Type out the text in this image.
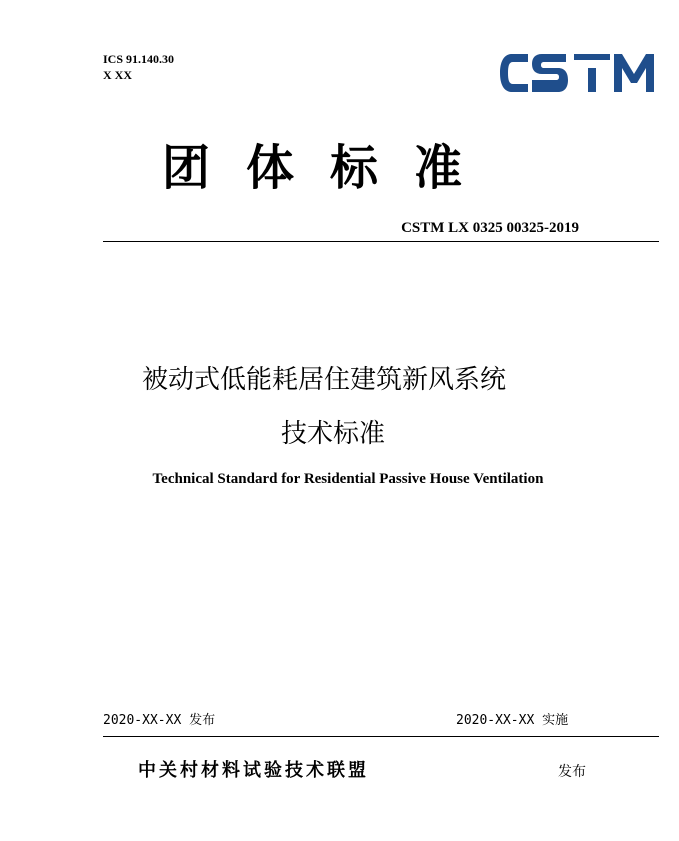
ICS 91.140.30
X XX
团体标准
CSTM LX 0325 00325-2019
被动式低能耗居住建筑新风系统
技术标准
Technical Standard for Residential Passive House Ventilation
2020-XX-XX 发布	2020-XX-XX 实施
中关村材料试验技术联盟	发布
